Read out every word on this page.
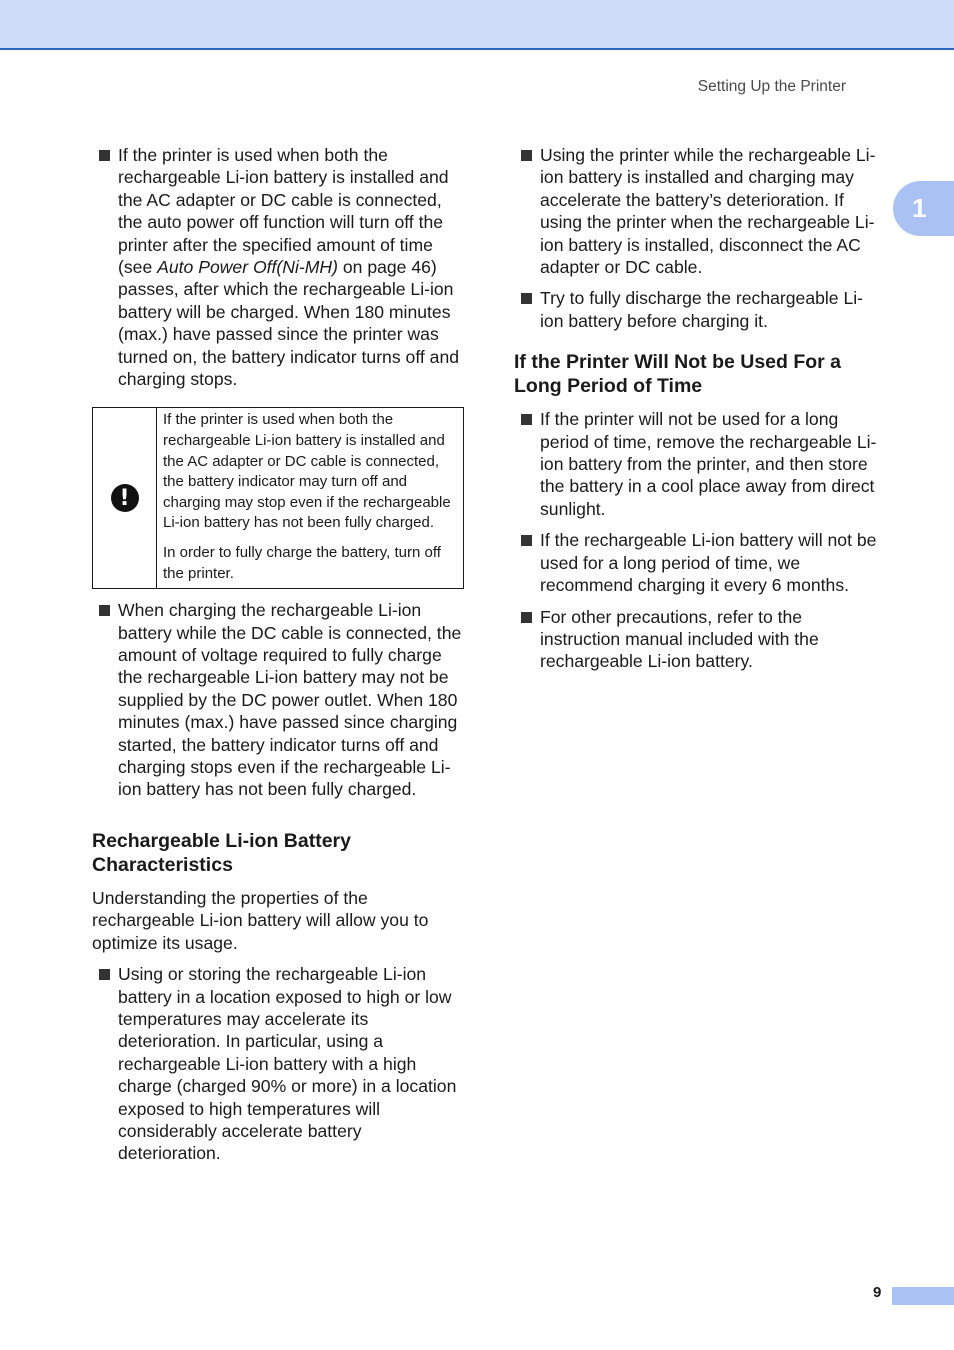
Setting Up the Printer
1
If the printer is used when both the rechargeable Li-ion battery is installed and the AC adapter or DC cable is connected, the auto power off function will turn off the printer after the specified amount of time (see Auto Power Off(Ni-MH) on page 46) passes, after which the rechargeable Li-ion battery will be charged. When 180 minutes (max.) have passed since the printer was turned on, the battery indicator turns off and charging stops.
!

If the printer is used when both the rechargeable Li-ion battery is installed and the AC adapter or DC cable is connected, the battery indicator may turn off and charging may stop even if the rechargeable Li-ion battery has not been fully charged.

In order to fully charge the battery, turn off the printer.

When charging the rechargeable Li-ion battery while the DC cable is connected, the amount of voltage required to fully charge the rechargeable Li-ion battery may not be supplied by the DC power outlet. When 180 minutes (max.) have passed since charging started, the battery indicator turns off and charging stops even if the rechargeable Li-ion battery has not been fully charged.
Rechargeable Li-ion Battery Characteristics

Understanding the properties of the rechargeable Li-ion battery will allow you to optimize its usage.

Using or storing the rechargeable Li-ion battery in a location exposed to high or low temperatures may accelerate its deterioration. In particular, using a rechargeable Li-ion battery with a high charge (charged 90% or more) in a location exposed to high temperatures will considerably accelerate battery deterioration.
Using the printer while the rechargeable Li-ion battery is installed and charging may accelerate the battery’s deterioration. If using the printer when the rechargeable Li-ion battery is installed, disconnect the AC adapter or DC cable.
Try to fully discharge the rechargeable Li-ion battery before charging it.
If the Printer Will Not be Used For a Long Period of Time
If the printer will not be used for a long period of time, remove the rechargeable Li-ion battery from the printer, and then store the battery in a cool place away from direct sunlight.
If the rechargeable Li-ion battery will not be used for a long period of time, we recommend charging it every 6 months.
For other precautions, refer to the instruction manual included with the rechargeable Li-ion battery.
9
